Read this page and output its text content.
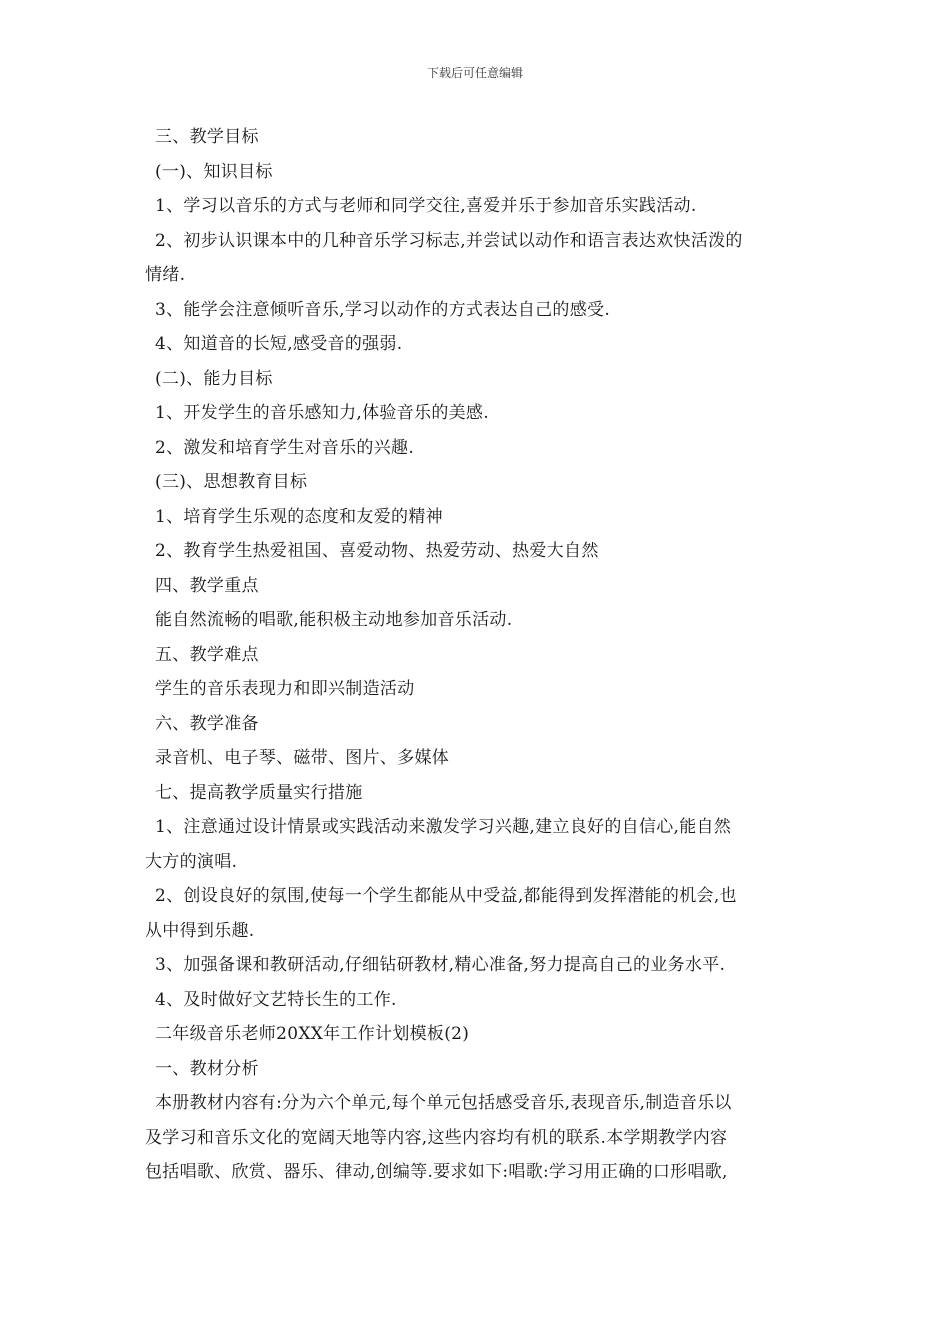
下载后可任意编辑
三、教学目标
(一)、知识目标
1、学习以音乐的方式与老师和同学交往,喜爱并乐于参加音乐实践活动.
2、初步认识课本中的几种音乐学习标志,并尝试以动作和语言表达欢快活泼的
情绪.
3、能学会注意倾听音乐,学习以动作的方式表达自己的感受.
4、知道音的长短,感受音的强弱.
(二)、能力目标
1、开发学生的音乐感知力,体验音乐的美感.
2、激发和培育学生对音乐的兴趣.
(三)、思想教育目标
1、培育学生乐观的态度和友爱的精神
2、教育学生热爱祖国、喜爱动物、热爱劳动、热爱大自然
四、教学重点
能自然流畅的唱歌,能积极主动地参加音乐活动.
五、教学难点
学生的音乐表现力和即兴制造活动
六、教学准备
录音机、电子琴、磁带、图片、多媒体
七、提高教学质量实行措施
1、注意通过设计情景或实践活动来激发学习兴趣,建立良好的自信心,能自然
大方的演唱.
2、创设良好的氛围,使每一个学生都能从中受益,都能得到发挥潜能的机会,也
从中得到乐趣.
3、加强备课和教研活动,仔细钻研教材,精心准备,努力提高自己的业务水平.
4、及时做好文艺特长生的工作.
二年级音乐老师20XX年工作计划模板(2)
一、教材分析
本册教材内容有:分为六个单元,每个单元包括感受音乐,表现音乐,制造音乐以
及学习和音乐文化的宽阔天地等内容,这些内容均有机的联系.本学期教学内容
包括唱歌、欣赏、器乐、律动,创编等.要求如下:唱歌:学习用正确的口形唱歌,
